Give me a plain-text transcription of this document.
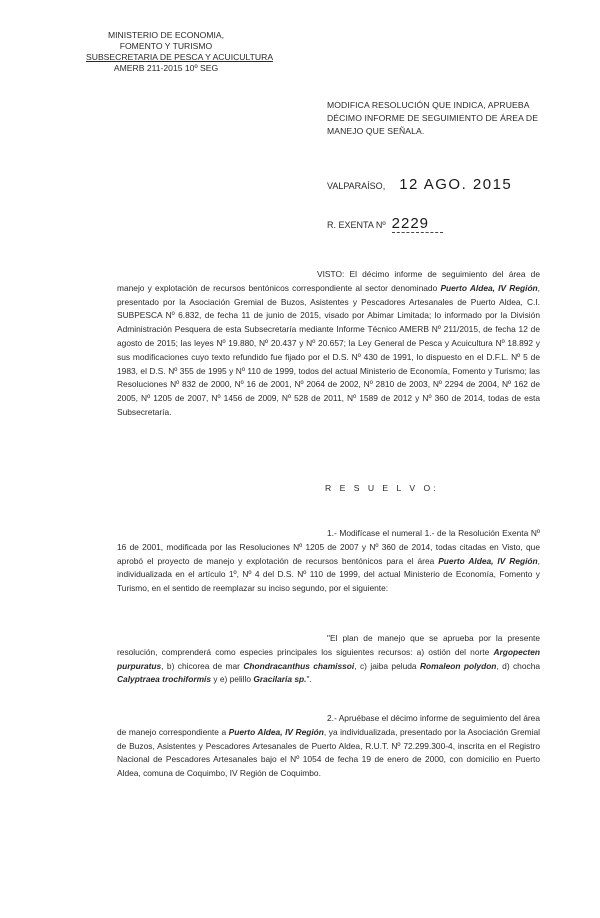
MINISTERIO DE ECONOMIA,
FOMENTO Y TURISMO
SUBSECRETARIA DE PESCA Y ACUICULTURA
AMERB 211-2015 10º SEG
MODIFICA RESOLUCIÓN QUE INDICA, APRUEBA DÉCIMO INFORME DE SEGUIMIENTO DE ÁREA DE MANEJO QUE SEÑALA.
VALPARAÍSO, 12 AGO. 2015
R. EXENTA Nº 2229
VISTO: El décimo informe de seguimiento del área de manejo y explotación de recursos bentónicos correspondiente al sector denominado Puerto Aldea, IV Región, presentado por la Asociación Gremial de Buzos, Asistentes y Pescadores Artesanales de Puerto Aldea, C.I. SUBPESCA Nº 6.832, de fecha 11 de junio de 2015, visado por Abimar Limitada; lo informado por la División Administración Pesquera de esta Subsecretaría mediante Informe Técnico AMERB Nº 211/2015, de fecha 12 de agosto de 2015; las leyes Nº 19.880, Nº 20.437 y Nº 20.657; la Ley General de Pesca y Acuicultura Nº 18.892 y sus modificaciones cuyo texto refundido fue fijado por el D.S. Nº 430 de 1991, lo dispuesto en el D.F.L. Nº 5 de 1983, el D.S. Nº 355 de 1995 y Nº 110 de 1999, todos del actual Ministerio de Economía, Fomento y Turismo; las Resoluciones Nº 832 de 2000, Nº 16 de 2001, Nº 2064 de 2002, Nº 2810 de 2003, Nº 2294 de 2004, Nº 162 de 2005, Nº 1205 de 2007, Nº 1456 de 2009, Nº 528 de 2011, Nº 1589 de 2012 y Nº 360 de 2014, todas de esta Subsecretaría.
R E S U E L V O:
1.- Modifícase el numeral 1.- de la Resolución Exenta Nº 16 de 2001, modificada por las Resoluciones Nº 1205 de 2007 y Nº 360 de 2014, todas citadas en Visto, que aprobó el proyecto de manejo y explotación de recursos bentónicos para el área Puerto Aldea, IV Región, individualizada en el artículo 1º, Nº 4 del D.S. Nº 110 de 1999, del actual Ministerio de Economía, Fomento y Turismo, en el sentido de reemplazar su inciso segundo, por el siguiente:
"El plan de manejo que se aprueba por la presente resolución, comprenderá como especies principales los siguientes recursos: a) ostión del norte Argopecten purpuratus, b) chicorea de mar Chondracanthus chamissoi, c) jaiba peluda Romaleon polydon, d) chocha Calyptraea trochiformis y e) pelillo Gracilaria sp.".
2.- Apruébase el décimo informe de seguimiento del área de manejo correspondiente a Puerto Aldea, IV Región, ya individualizada, presentado por la Asociación Gremial de Buzos, Asistentes y Pescadores Artesanales de Puerto Aldea, R.U.T. Nº 72.299.300-4, inscrita en el Registro Nacional de Pescadores Artesanales bajo el Nº 1054 de fecha 19 de enero de 2000, con domicilio en Puerto Aldea, comuna de Coquimbo, IV Región de Coquimbo.
